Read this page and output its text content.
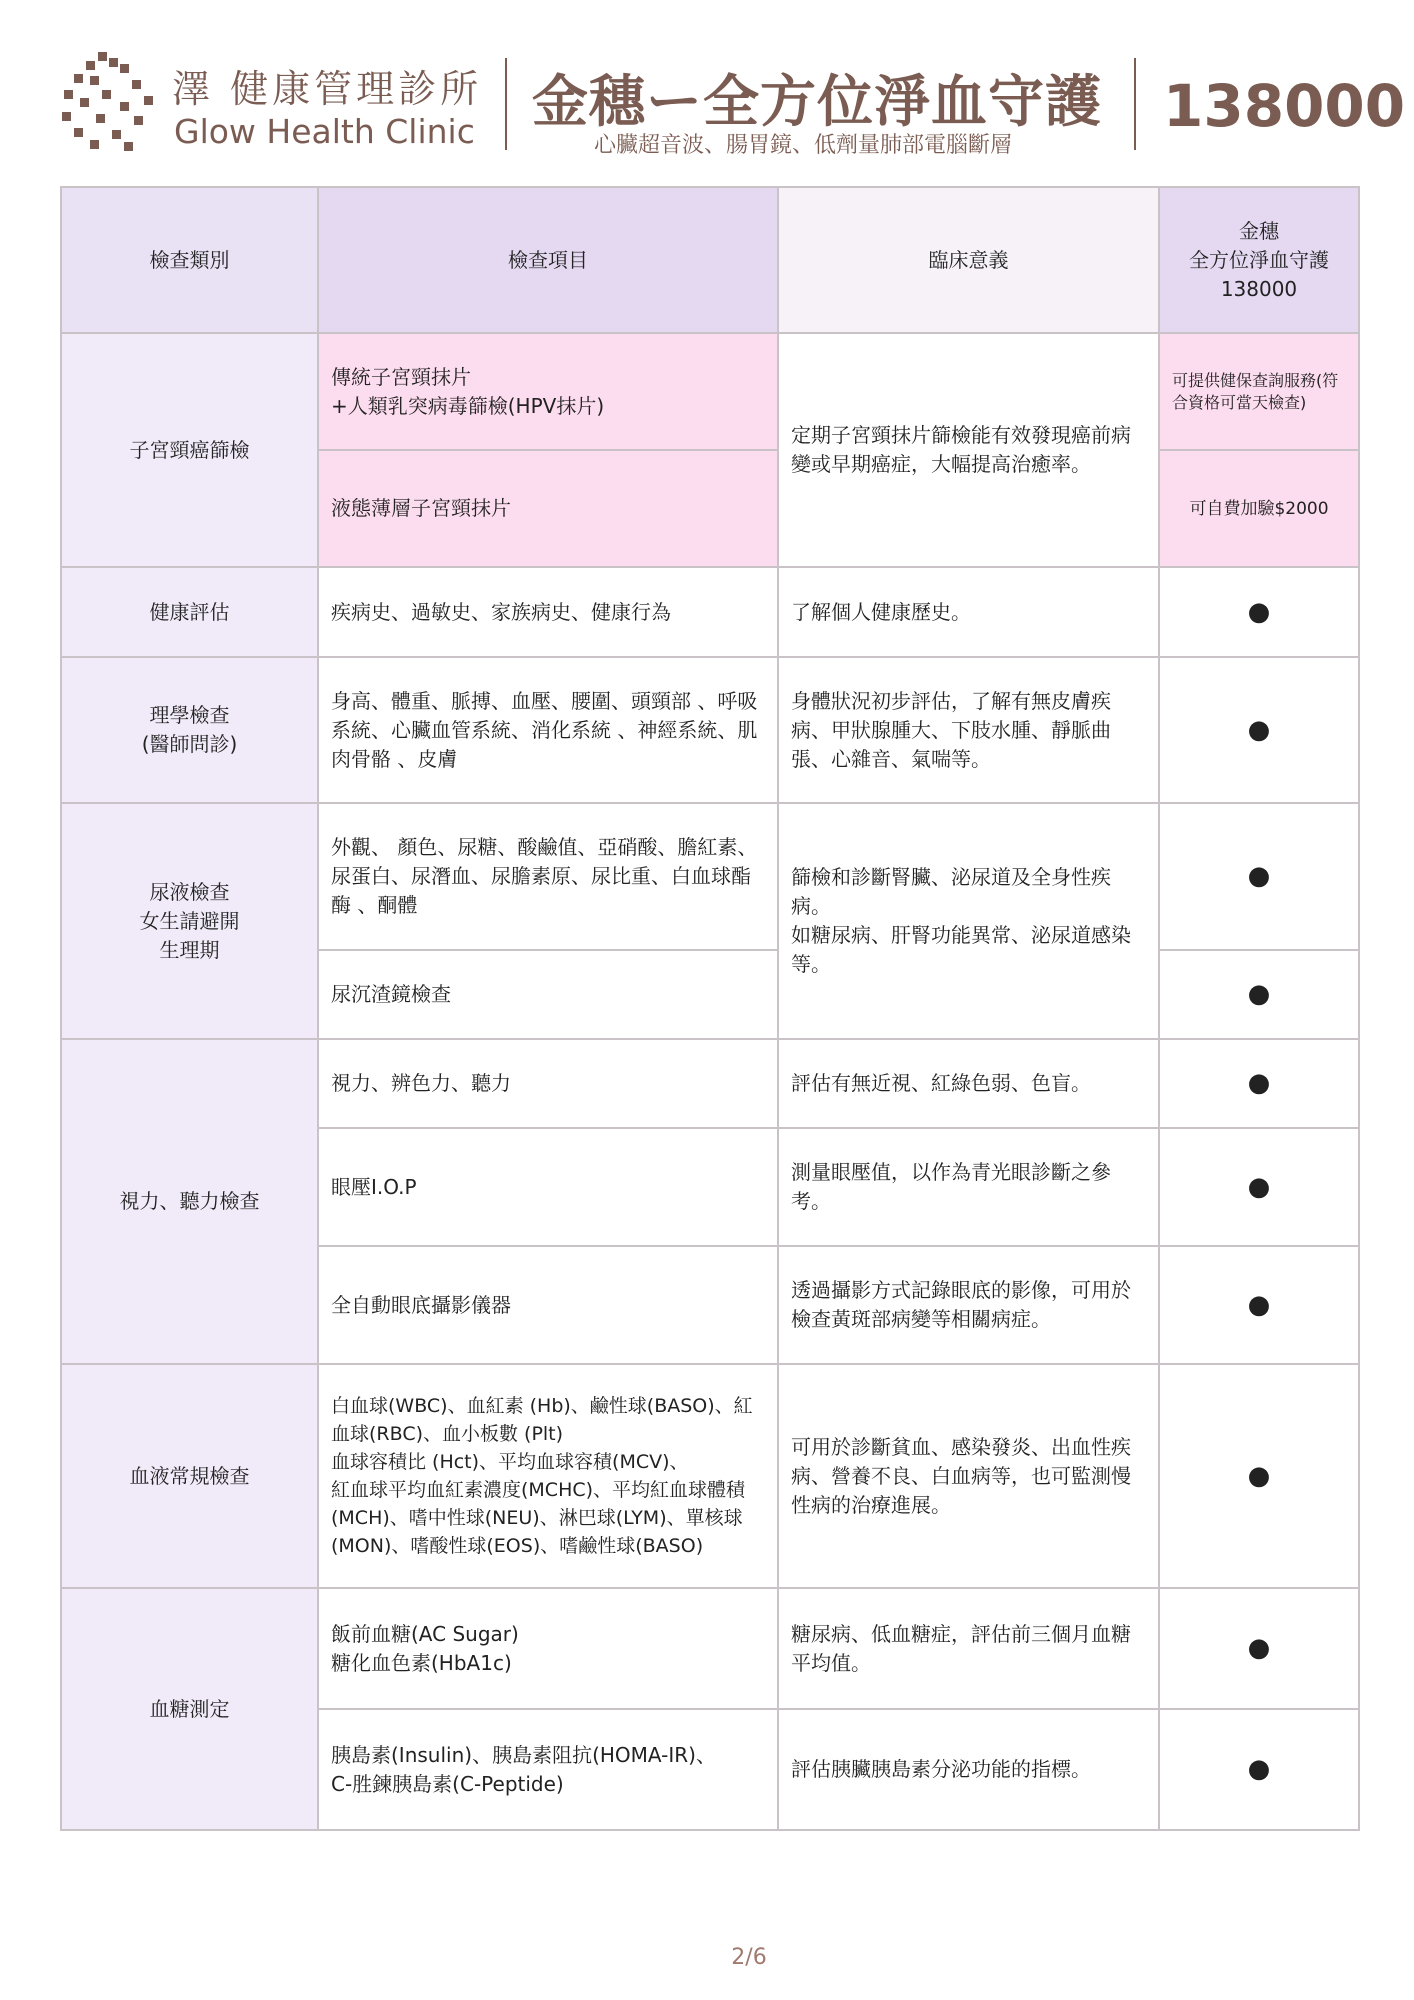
澤 健康管理診所
Glow Health Clinic 金穗ー全方位淨血守護
心臟超音波、腸胃鏡、低劑量肺部電腦斷層
138000
檢查類別	檢查項目	臨床意義	金穗
全方位淨血守護
138000

子宮頸癌篩檢	傳統子宮頸抹片
+人類乳突病毒篩檢(HPV抹片)	定期子宮頸抹片篩檢能有效發現癌前病變或早期癌症，大幅提高治癒率。	可提供健保查詢服務(符合資格可當天檢查)
	液態薄層子宮頸抹片		可自費加驗$2000
健康評估	疾病史、過敏史、家族病史、健康行為	了解個人健康歷史。	●
理學檢查
(醫師問診)	身高、體重、脈搏、血壓、腰圍、頭頸部 、呼吸系統、心臟血管系統、消化系統 、神經系統、肌肉骨骼 、皮膚	身體狀況初步評估，了解有無皮膚疾病、甲狀腺腫大、下肢水腫、靜脈曲張、心雜音、氣喘等。	●
尿液檢查
女生請避開
生理期	外觀、 顏色、尿糖、酸鹼值、亞硝酸、膽紅素、尿蛋白、尿潛血、尿膽素原、尿比重、白血球酯酶 、酮體	篩檢和診斷腎臟、泌尿道及全身性疾病。
如糖尿病、肝腎功能異常、泌尿道感染等。	●
	尿沉渣鏡檢查		●
視力、聽力檢查	視力、辨色力、聽力	評估有無近視、紅綠色弱、色盲。	●
	眼壓I.O.P	測量眼壓值，以作為青光眼診斷之參考。	●
	全自動眼底攝影儀器	透過攝影方式記錄眼底的影像，可用於檢查黃斑部病變等相關病症。	●
血液常規檢查	白血球(WBC)、血紅素 (Hb)、鹼性球(BASO)、紅血球(RBC)、血小板數 (Plt)
血球容積比 (Hct)、平均血球容積(MCV)、
紅血球平均血紅素濃度(MCHC)、平均紅血球體積(MCH)、嗜中性球(NEU)、淋巴球(LYM)、單核球(MON)、嗜酸性球(EOS)、嗜鹼性球(BASO)	可用於診斷貧血、感染發炎、出血性疾病、營養不良、白血病等，也可監測慢性病的治療進展。	●
血糖測定	飯前血糖(AC Sugar)
糖化血色素(HbA1c)	糖尿病、低血糖症，評估前三個月血糖平均值。	●
	胰島素(Insulin)、胰島素阻抗(HOMA-IR)、
C-胜鍊胰島素(C-Peptide)	評估胰臟胰島素分泌功能的指標。	●
2/6
